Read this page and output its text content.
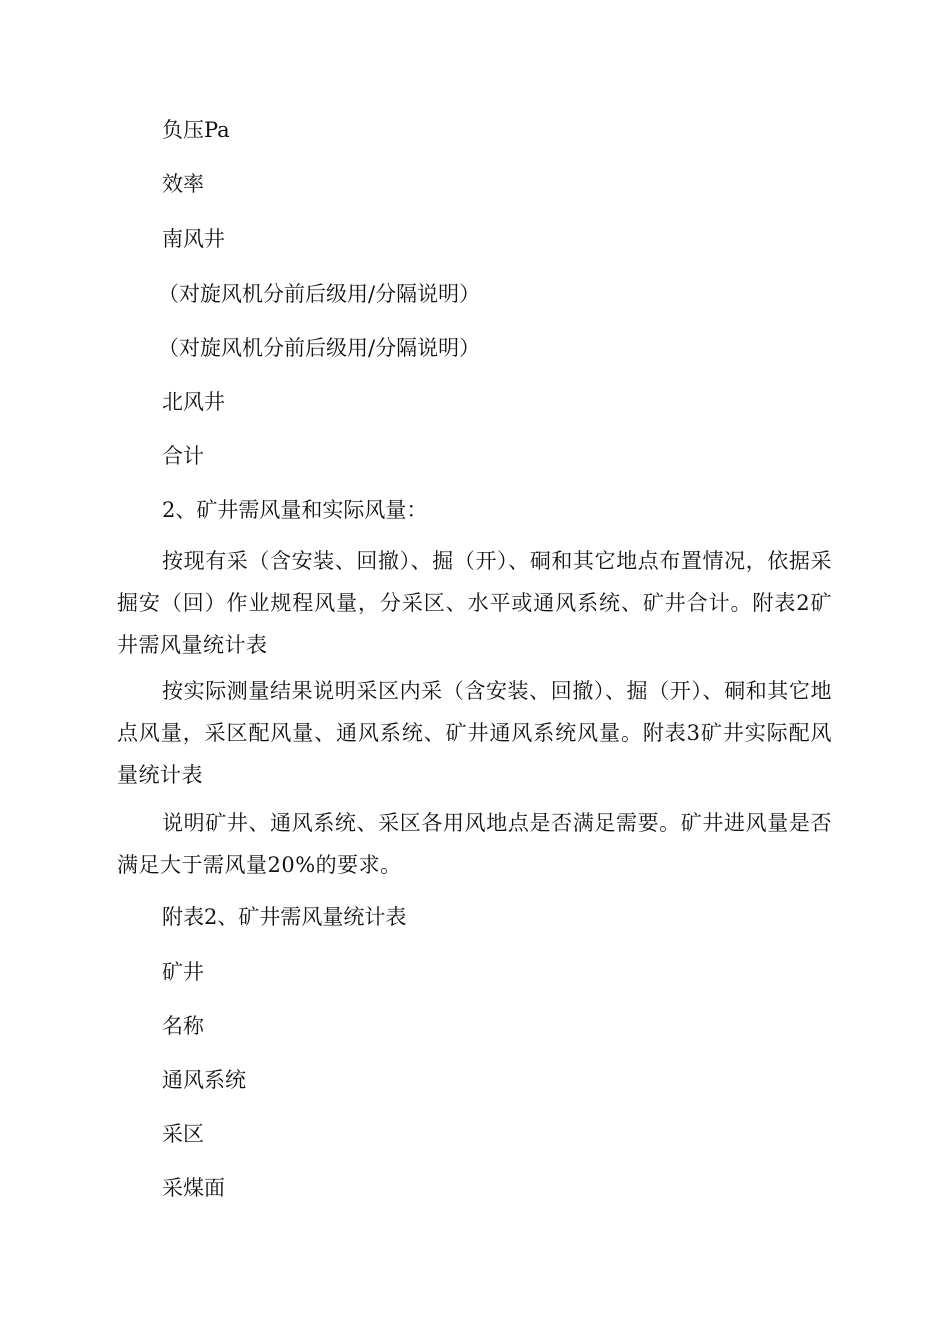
负压Pa
效率
南风井
（对旋风机分前后级用/分隔说明）
（对旋风机分前后级用/分隔说明）
北风井
合计
2、矿井需风量和实际风量：

按现有采（含安装、回撤）、掘（开）、硐和其它地点布置情况，依据采掘安（回）作业规程风量，分采区、水平或通风系统、矿井合计。附表2矿井需风量统计表

按实际测量结果说明采区内采（含安装、回撤）、掘（开）、硐和其它地点风量，采区配风量、通风系统、矿井通风系统风量。附表3矿井实际配风量统计表

说明矿井、通风系统、采区各用风地点是否满足需要。矿井进风量是否满足大于需风量20%的要求。

附表2、矿井需风量统计表
矿井
名称
通风系统
采区
采煤面
